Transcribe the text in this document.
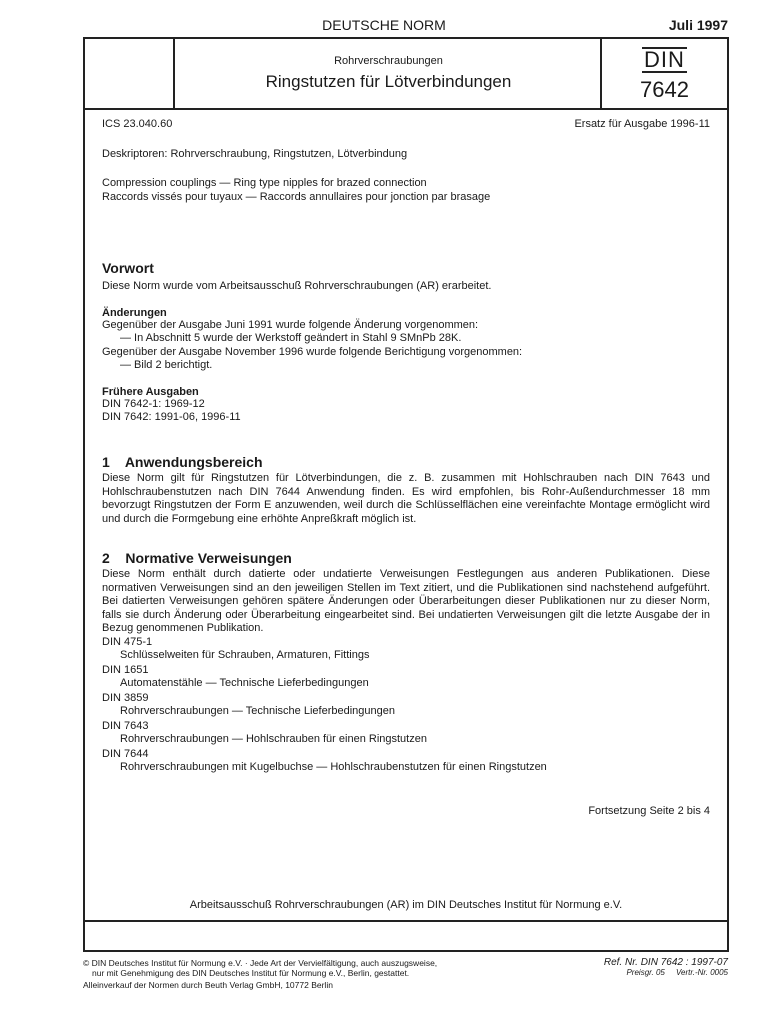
DEUTSCHE NORM	Juli 1997
Rohrverschraubungen
Ringstutzen für Lötverbindungen
DIN
7642
ICS 23.040.60	Ersatz für Ausgabe 1996-11
Deskriptoren: Rohrverschraubung, Ringstutzen, Lötverbindung
Compression couplings — Ring type nipples for brazed connection
Raccords vissés pour tuyaux — Raccords annullaires pour jonction par brasage
Vorwort
Diese Norm wurde vom Arbeitsausschuß Rohrverschraubungen (AR) erarbeitet.
Änderungen
Gegenüber der Ausgabe Juni 1991 wurde folgende Änderung vorgenommen:
— In Abschnitt 5 wurde der Werkstoff geändert in Stahl 9 SMnPb 28K.
Gegenüber der Ausgabe November 1996 wurde folgende Berichtigung vorgenommen:
— Bild 2 berichtigt.
Frühere Ausgaben
DIN 7642-1: 1969-12
DIN 7642: 1991-06, 1996-11
1    Anwendungsbereich
Diese Norm gilt für Ringstutzen für Lötverbindungen, die z. B. zusammen mit Hohlschrauben nach DIN 7643 und Hohlschraubenstutzen nach DIN 7644 Anwendung finden. Es wird empfohlen, bis Rohr-Außendurchmesser 18 mm bevorzugt Ringstutzen der Form E anzuwenden, weil durch die Schlüsselflächen eine vereinfachte Montage ermöglicht wird und durch die Formgebung eine erhöhte Anpreßkraft möglich ist.
2    Normative Verweisungen
Diese Norm enthält durch datierte oder undatierte Verweisungen Festlegungen aus anderen Publikationen. Diese normativen Verweisungen sind an den jeweiligen Stellen im Text zitiert, und die Publikationen sind nachstehend aufgeführt. Bei datierten Verweisungen gehören spätere Änderungen oder Überarbeitungen dieser Publikationen nur zu dieser Norm, falls sie durch Änderung oder Überarbeitung eingearbeitet sind. Bei undatierten Verweisungen gilt die letzte Ausgabe der in Bezug genommenen Publikation.
DIN 475-1
Schlüsselweiten für Schrauben, Armaturen, Fittings
DIN 1651
Automatenstähle — Technische Lieferbedingungen
DIN 3859
Rohrverschraubungen — Technische Lieferbedingungen
DIN 7643
Rohrverschraubungen — Hohlschrauben für einen Ringstutzen
DIN 7644
Rohrverschraubungen mit Kugelbuchse — Hohlschraubenstutzen für einen Ringstutzen
Fortsetzung Seite 2 bis 4
Arbeitsausschuß Rohrverschraubungen (AR) im DIN Deutsches Institut für Normung e.V.
© DIN Deutsches Institut für Normung e.V. · Jede Art der Vervielfältigung, auch auszugsweise,
nur mit Genehmigung des DIN Deutsches Institut für Normung e.V., Berlin, gestattet.
Alleinverkauf der Normen durch Beuth Verlag GmbH, 10772 Berlin
Ref. Nr. DIN 7642 : 1997-07
Preisgr. 05 Vertr.-Nr. 0005
